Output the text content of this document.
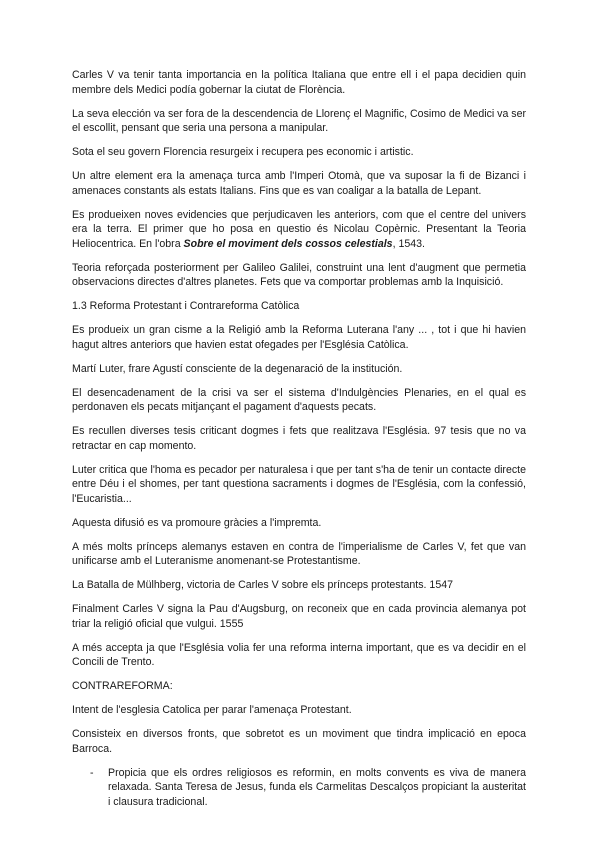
Carles V va tenir tanta importancia en la política Italiana que entre ell i el papa decidien quin membre dels Medici podía gobernar la ciutat de Florència.

La seva elección va ser fora de la descendencia de Llorenç el Magnific, Cosimo de Medici va ser el escollit, pensant que seria una persona a manipular.

Sota el seu govern Florencia resurgeix i recupera pes economic i artistic.

Un altre element era la amenaça turca amb l'Imperi Otomà, que va suposar la fi de Bizanci i amenaces constants als estats Italians. Fins que es van coaligar a la batalla de Lepant.

Es produeixen noves evidencies que perjudicaven les anteriors, com que el centre del univers era la terra. El primer que ho posa en questio és Nicolau Copèrnic. Presentant la Teoria Heliocentrica. En l'obra Sobre el moviment dels cossos celestials, 1543.

Teoria reforçada posteriorment per Galileo Galilei, construint una lent d'augment que permetia observacions directes d'altres planetes. Fets que va comportar problemas amb la Inquisició.

1.3 Reforma Protestant i Contrareforma Catòlica

Es produeix un gran cisme a la Religió amb la Reforma Luterana l'any ... , tot i que hi havien hagut altres anteriors que havien estat ofegades per l'Església Catòlica.

Martí Luter, frare Agustí consciente de la degenaració de la institución.

El desencadenament de la crisi va ser el sistema d'Indulgències Plenaries, en el qual es perdonaven els pecats mitjançant el pagament d'aquests pecats.

Es recullen diverses tesis criticant dogmes i fets que realitzava l'Església. 97 tesis que no va retractar en cap momento.

Luter critica que l'homa es pecador per naturalesa i que per tant s'ha de tenir un contacte directe entre Déu i el shomes, per tant questiona sacraments i dogmes de l'Església, com la confessió, l'Eucaristia...

Aquesta difusió es va promoure gràcies a l'impremta.

A més molts prínceps alemanys estaven en contra de l'imperialisme de Carles V, fet que van unificarse amb el Luteranisme anomenant-se Protestantisme.

La Batalla de Mülhberg, victoria de Carles V sobre els prínceps protestants. 1547

Finalment Carles V signa la Pau d'Augsburg, on reconeix que en cada provincia alemanya pot triar la religió oficial que vulgui. 1555

A més accepta ja que l'Església volia fer una reforma interna important, que es va decidir en el Concili de Trento.

CONTRAREFORMA:

Intent de l'esglesia Catolica per parar l'amenaça Protestant.

Consisteix en diversos fronts, que sobretot es un moviment que tindra implicació en epoca Barroca.

- Propicia que els ordres religiosos es reformin, en molts convents es viva de manera relaxada. Santa Teresa de Jesus, funda els Carmelitas Descalços propiciant la austeritat i clausura tradicional.
